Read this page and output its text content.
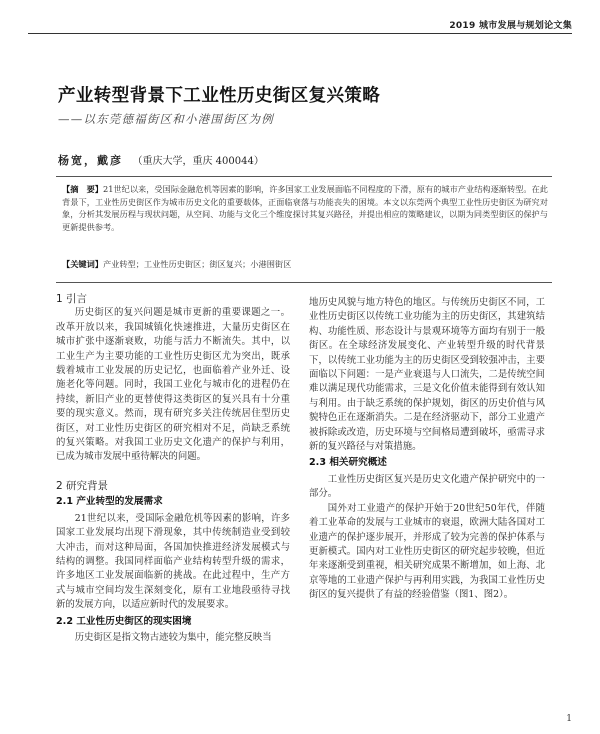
2019 城市发展与规划论文集
产业转型背景下工业性历史街区复兴策略
——以东莞德福街区和小港围街区为例
杨宽，戴彦 （重庆大学，重庆 400044）
【摘　要】21世纪以来，受国际金融危机等因素的影响，许多国家工业发展面临不同程度的下滑，原有的城市产业结构逐渐转型。在此背景下，工业性历史街区作为城市历史文化的重要载体，正面临衰落与功能丧失的困境。本文以东莞两个典型工业性历史街区为研究对象，分析其发展历程与现状问题，从空间、功能与文化三个维度探讨其复兴路径，并提出相应的策略建议，以期为同类型街区的保护与更新提供参考。
【关键词】产业转型；工业性历史街区；街区复兴；小港围街区

1 引言

历史街区的复兴问题是城市更新的重要课题之一。改革开放以来，我国城镇化快速推进，大量历史街区在城市扩张中逐渐衰败，功能与活力不断流失。其中，以工业生产为主要功能的工业性历史街区尤为突出，既承载着城市工业发展的历史记忆，也面临着产业外迁、设施老化等问题。同时，我国工业化与城市化的进程仍在持续，新旧产业的更替使得这类街区的复兴具有十分重要的现实意义。然而，现有研究多关注传统居住型历史街区，对工业性历史街区的研究相对不足，尚缺乏系统的复兴策略。对我国工业历史文化遗产的保护与利用，已成为城市发展中亟待解决的问题。

2 研究背景

2.1 产业转型的发展需求

21世纪以来，受国际金融危机等因素的影响，许多国家工业发展均出现下滑现象，其中传统制造业受到较大冲击，而对这种局面，各国加快推进经济发展模式与结构的调整。我国同样面临产业结构转型升级的需求，许多地区工业发展面临新的挑战。在此过程中，生产方式与城市空间均发生深刻变化，原有工业地段亟待寻找新的发展方向，以适应新时代的发展要求。

2.2 工业性历史街区的现实困境

历史街区是指文物古迹较为集中，能完整反映当

地历史风貌与地方特色的地区。与传统历史街区不同，工业性历史街区以传统工业功能为主的历史街区，其建筑结构、功能性质、形态设计与景观环境等方面均有别于一般街区。在全球经济发展变化、产业转型升级的时代背景下，以传统工业功能为主的历史街区受到较强冲击，主要面临以下问题：一是产业衰退与人口流失，二是传统空间难以满足现代功能需求，三是文化价值未能得到有效认知与利用。由于缺乏系统的保护规划，街区的历史价值与风貌特色正在逐渐消失。二是在经济驱动下，部分工业遗产被拆除或改造，历史环境与空间格局遭到破坏，亟需寻求新的复兴路径与对策措施。

2.3 相关研究概述

工业性历史街区复兴是历史文化遗产保护研究中的一部分。

国外对工业遗产的保护开始于20世纪50年代，伴随着工业革命的发展与工业城市的衰退，欧洲大陆各国对工业遗产的保护逐步展开，并形成了较为完善的保护体系与更新模式。国内对工业性历史街区的研究起步较晚，但近年来逐渐受到重视，相关研究成果不断增加，如上海、北京等地的工业遗产保护与再利用实践，为我国工业性历史街区的复兴提供了有益的经验借鉴（图1、图2）。

1
